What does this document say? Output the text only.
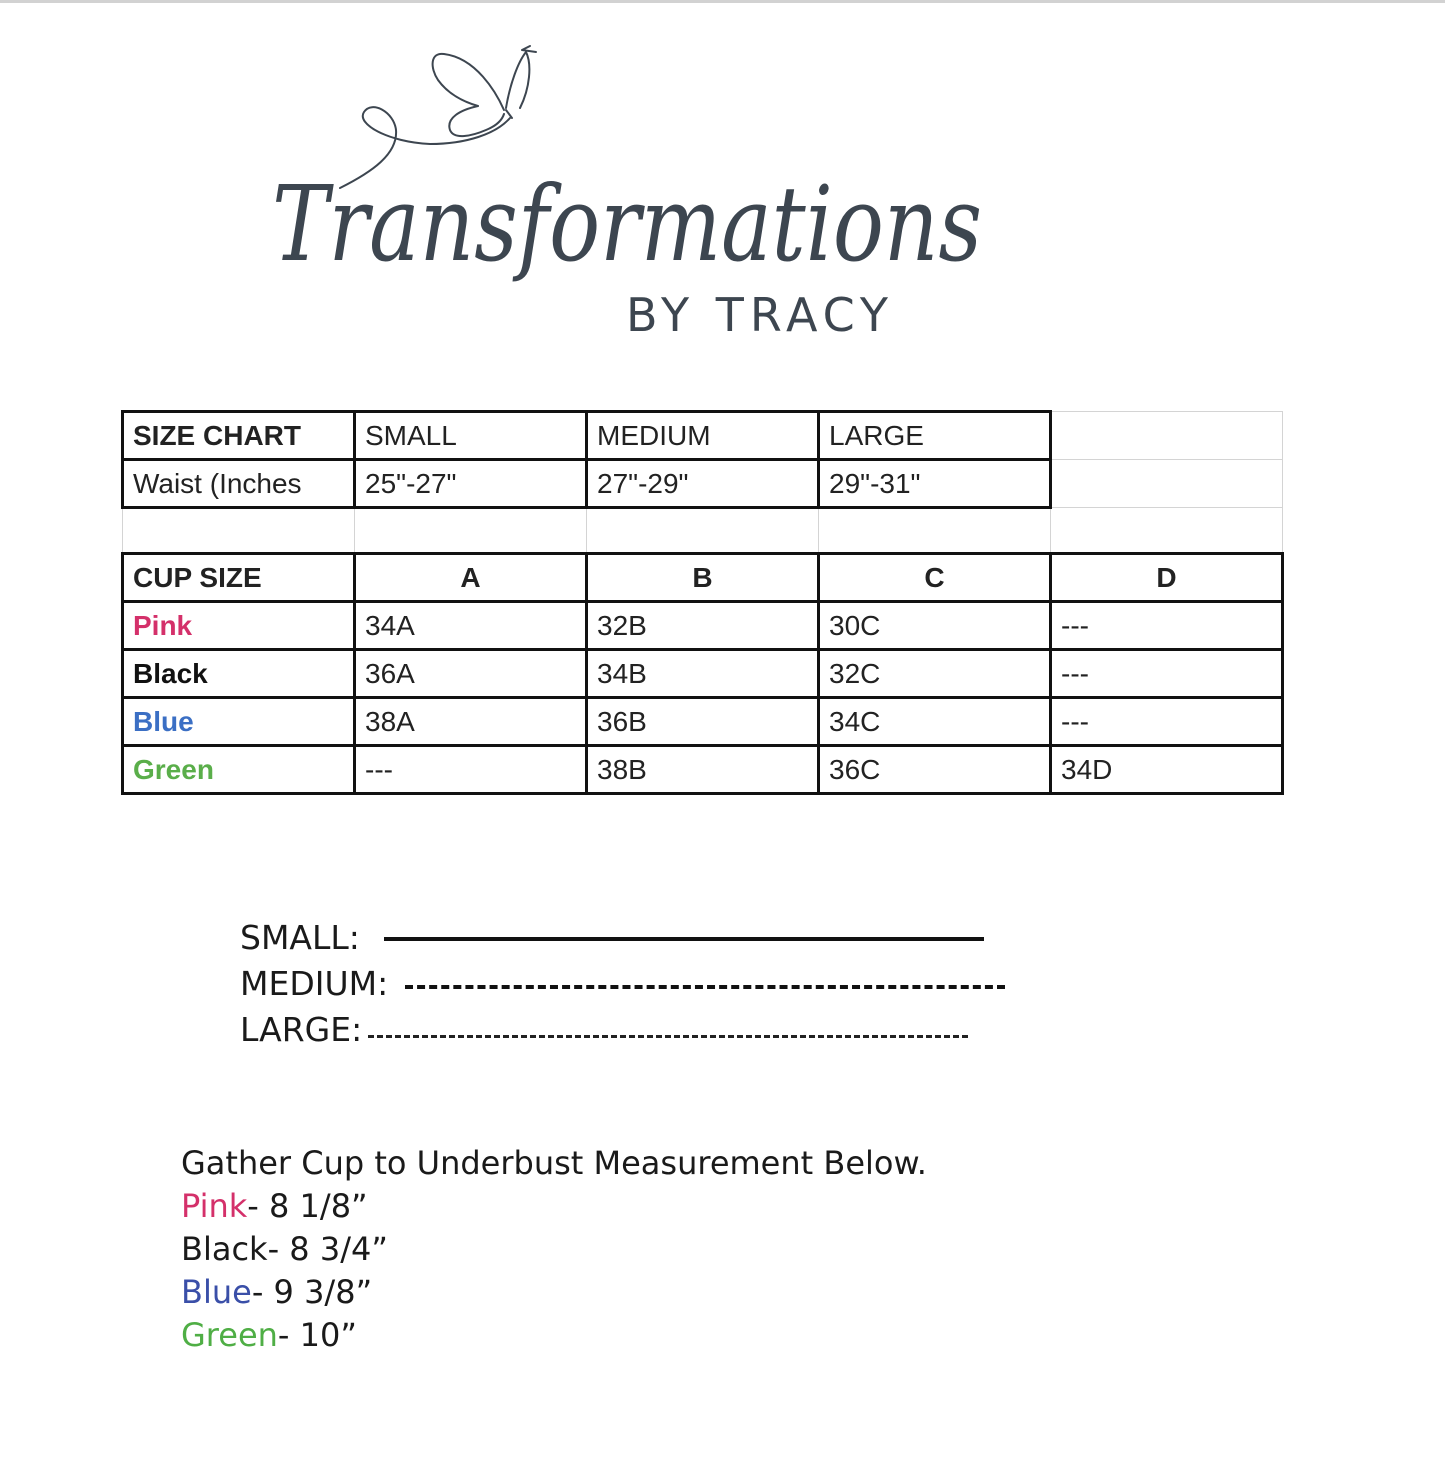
Transformations
BY TRACY
SIZE CHART	SMALL	MEDIUM	LARGE	
Waist (Inches	25"-27"	27"-29"	29"-31"	

CUP SIZE	A	B	C	D
Pink	34A	32B	30C	---
Black	36A	34B	32C	---
Blue	38A	36B	34C	---
Green	---	38B	36C	34D
SMALL:
MEDIUM:
LARGE:
Gather Cup to Underbust Measurement Below.
Pink- 8 1/8”
Black- 8 3/4”
Blue- 9 3/8”
Green- 10”
